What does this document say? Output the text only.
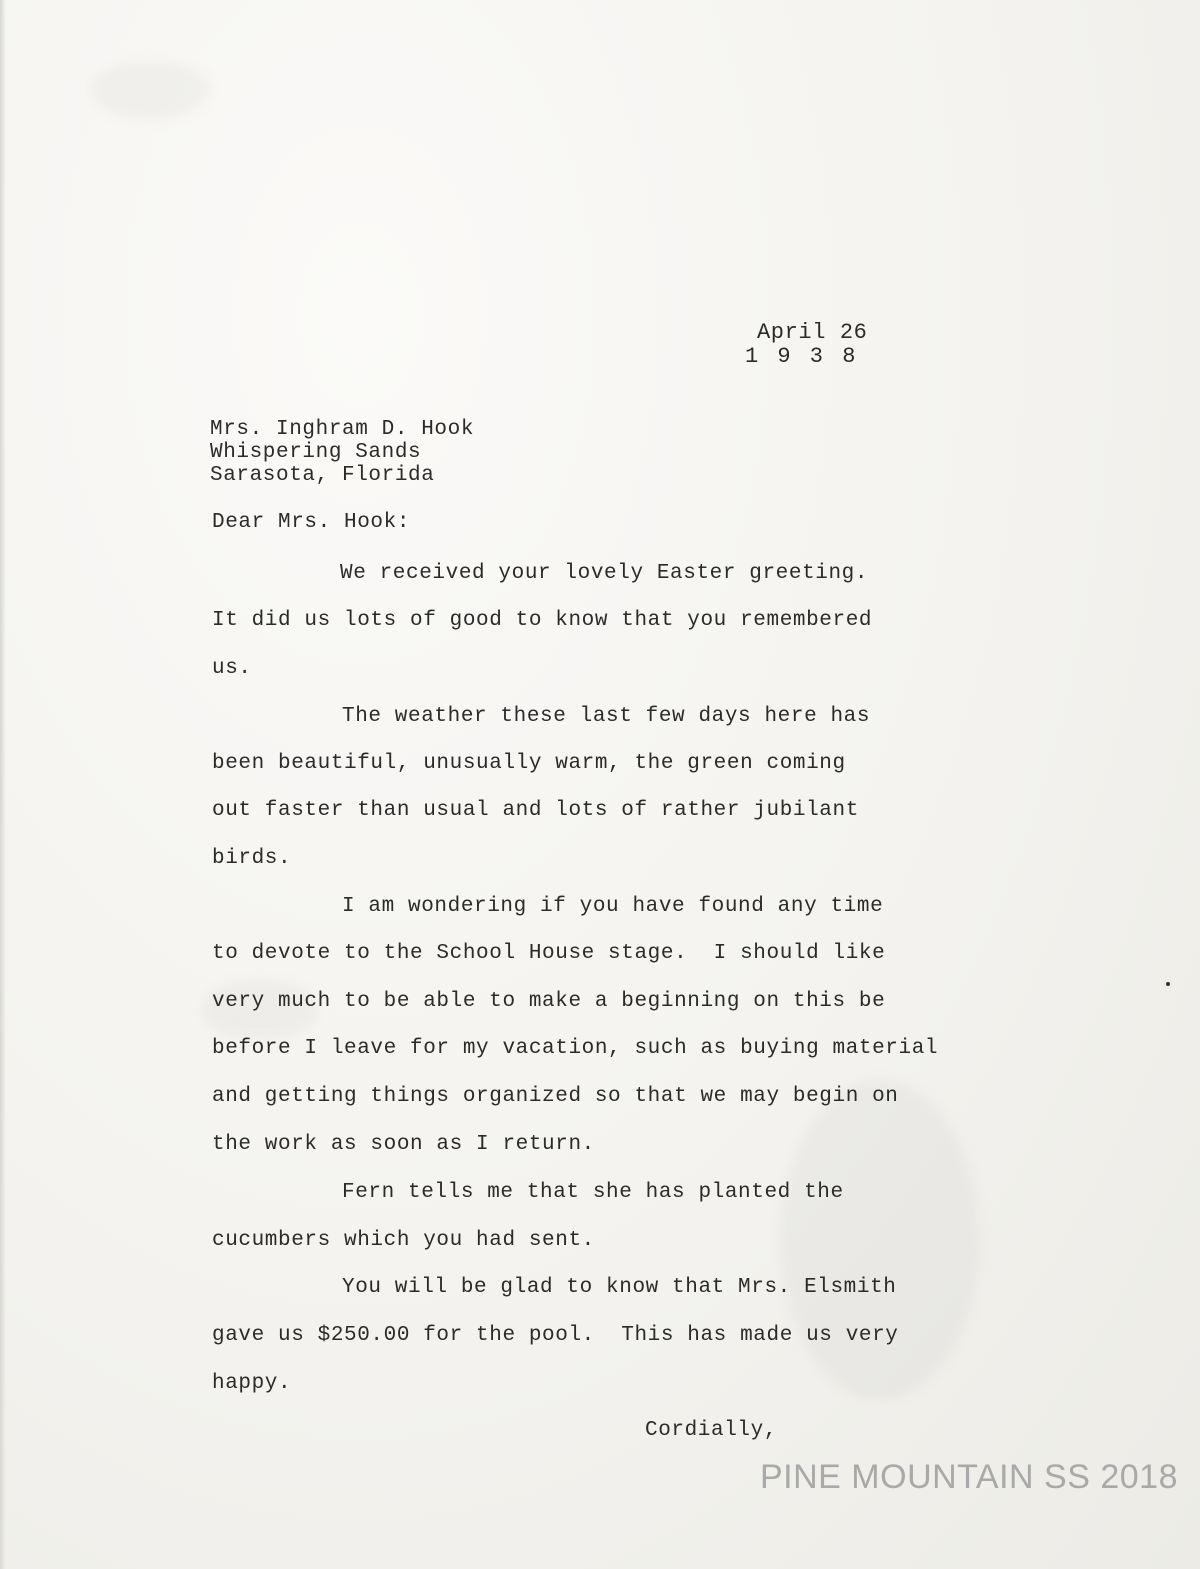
April 26
1 9 3 8
Mrs. Inghram D. Hook
Whispering Sands
Sarasota, Florida
Dear Mrs. Hook:
We received your lovely Easter greeting.
It did us lots of good to know that you remembered
us.
The weather these last few days here has
been beautiful, unusually warm, the green coming
out faster than usual and lots of rather jubilant
birds.
I am wondering if you have found any time
to devote to the School House stage.  I should like
very much to be able to make a beginning on this be
before I leave for my vacation, such as buying material
and getting things organized so that we may begin on
the work as soon as I return.
Fern tells me that she has planted the
cucumbers which you had sent.
You will be glad to know that Mrs. Elsmith
gave us $250.00 for the pool.  This has made us very
happy.
Cordially,
PINE MOUNTAIN SS 2018
